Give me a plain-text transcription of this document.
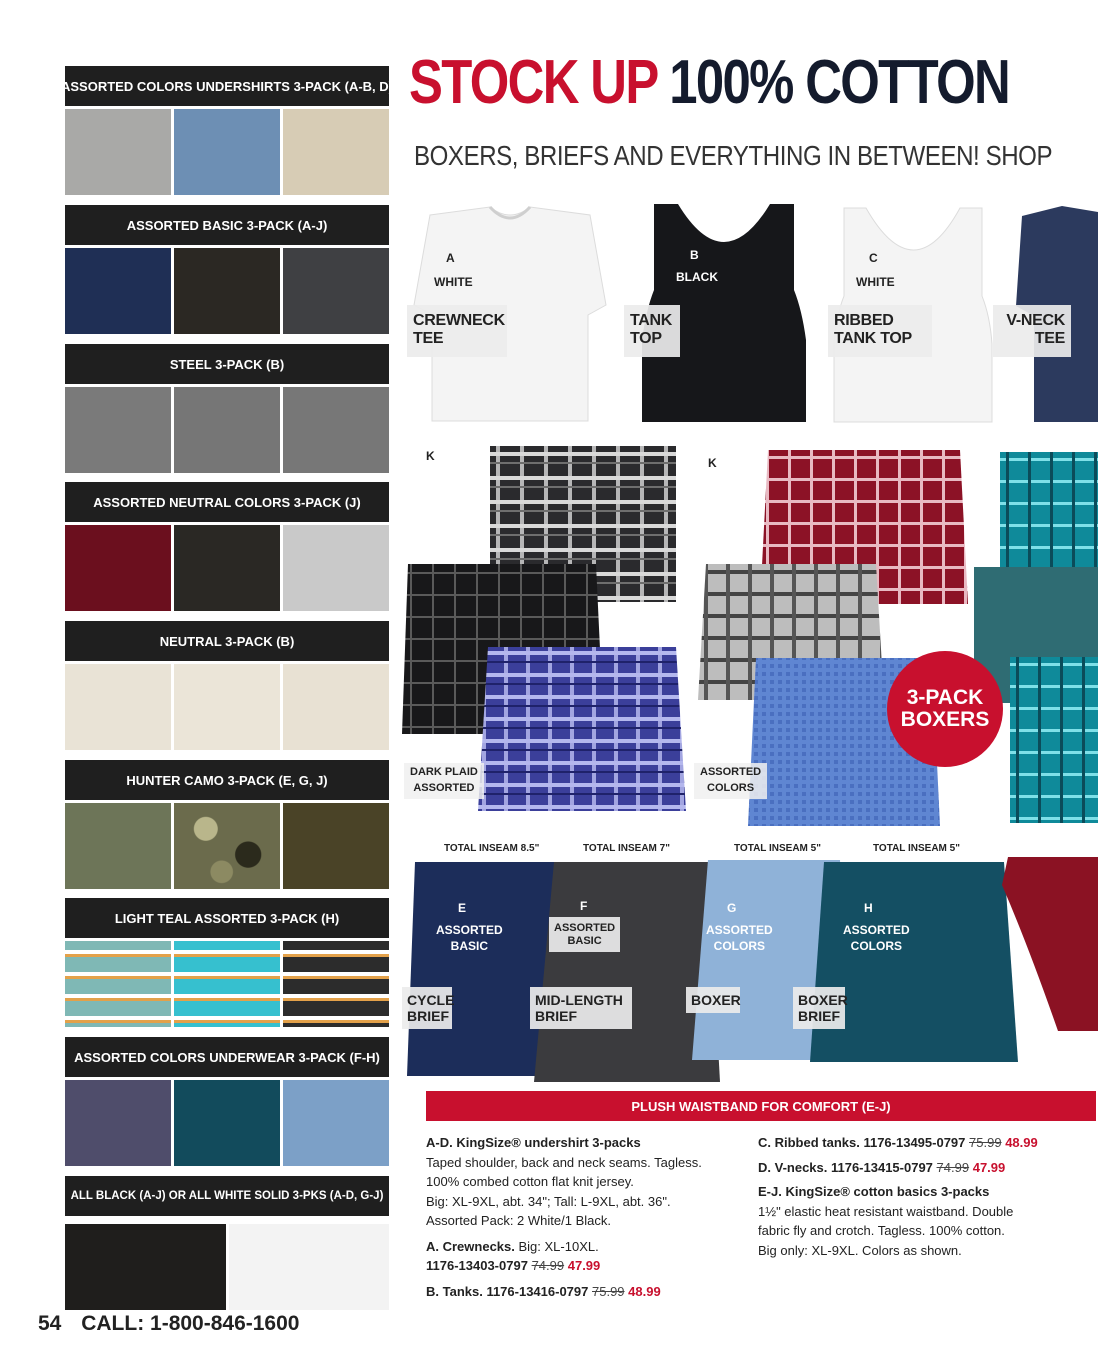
ASSORTED COLORS UNDERSHIRTS 3-PACK (A-B, D)
ASSORTED BASIC 3-PACK (A-J)
STEEL 3-PACK (B)
ASSORTED NEUTRAL COLORS 3-PACK (J)
NEUTRAL 3-PACK (B)
HUNTER CAMO 3-PACK (E, G, J)
LIGHT TEAL ASSORTED 3-PACK (H)
ASSORTED COLORS UNDERWEAR 3-PACK (F-H)
ALL BLACK (A-J) OR ALL WHITE SOLID 3-PKS (A-D, G-J)
STOCK UP 100% COTTON
BOXERS, BRIEFS AND EVERYTHING IN BETWEEN! SHOP
A
WHITE
CREWNECK
TEE
B
BLACK
TANK
TOP
C
WHITE
RIBBED
TANK TOP
V-NECK
TEE
K	K
DARK PLAID
ASSORTED
ASSORTED
COLORS
3-PACK
BOXERS
TOTAL INSEAM 8.5"	TOTAL INSEAM 7"	TOTAL INSEAM 5"	TOTAL INSEAM 5"
E
ASSORTED
BASIC
F
ASSORTED
BASIC
G
ASSORTED
COLORS
H
ASSORTED
COLORS
CYCLE
BRIEF
MID-LENGTH
BRIEF
BOXER	BOXER
BRIEF
PLUSH WAISTBAND FOR COMFORT (E-J)

A-D. KingSize® undershirt 3-packs
Taped shoulder, back and neck seams. Tagless.
100% combed cotton flat knit jersey.
Big: XL-9XL, abt. 34"; Tall: L-9XL, abt. 36".
Assorted Pack: 2 White/1 Black.

A. Crewnecks. Big: XL-10XL.
1176-13403-0797 74.99 47.99

B. Tanks. 1176-13416-0797 75.99 48.99

C. Ribbed tanks. 1176-13495-0797 75.99 48.99

D. V-necks. 1176-13415-0797 74.99 47.99

E-J. KingSize® cotton basics 3-packs
1½" elastic heat resistant waistband. Double
fabric fly and crotch. Tagless. 100% cotton.
Big only: XL-9XL. Colors as shown.

54 CALL: 1-800-846-1600
